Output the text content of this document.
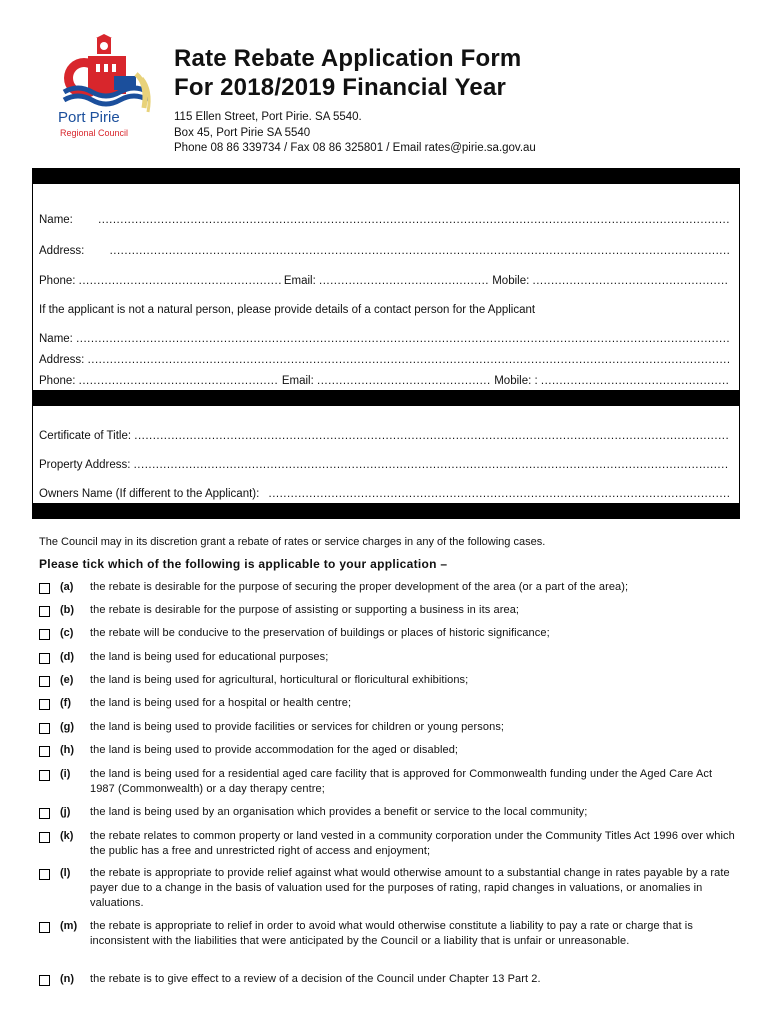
Port Pirie
Regional Council
Rate Rebate Application Form
For 2018/2019 Financial Year
115 Ellen Street, Port Pirie. SA 5540.
Box 45, Port Pirie SA 5540
Phone 08 86 339734 / Fax 08 86 325801 / Email rates@pirie.sa.gov.au
Name: .....
Address: .....
Phone: .....	Email: .....	Mobile: .....
If the applicant is not a natural person, please provide details of a contact person for the Applicant
Name: .....
Address: .....
Phone: .....	Email: .....	Mobile: : .....
Certificate of Title: .....
Property Address: .....
Owners Name (If different to the Applicant): .....
The Council may in its discretion grant a rebate of rates or service charges in any of the following cases.
Please tick which of the following is applicable to your application –
(a)	the rebate is desirable for the purpose of securing the proper development of the area (or a part of the area);
(b)	the rebate is desirable for the purpose of assisting or supporting a business in its area;
(c)	the rebate will be conducive to the preservation of buildings or places of historic significance;
(d)	the land is being used for educational purposes;
(e)	the land is being used for agricultural, horticultural or floricultural exhibitions;
(f)	the land is being used for a hospital or health centre;
(g)	the land is being used to provide facilities or services for children or young persons;
(h)	the land is being used to provide accommodation for the aged or disabled;
(i)	the land is being used for a residential aged care facility that is approved for Commonwealth funding under the Aged Care Act 1987 (Commonwealth) or a day therapy centre;
(j)	the land is being used by an organisation which provides a benefit or service to the local community;
(k)	the rebate relates to common property or land vested in a community corporation under the Community Titles Act 1996 over which the public has a free and unrestricted right of access and enjoyment;
(l)	the rebate is appropriate to provide relief against what would otherwise amount to a substantial change in rates payable by a rate payer due to a change in the basis of valuation used for the purposes of rating, rapid changes in valuations, or anomalies in valuations.
(m)	the rebate is appropriate to relief in order to avoid what would otherwise constitute a liability to pay a rate or charge that is inconsistent with the liabilities that were anticipated by the Council or a liability that is unfair or unreasonable.
(n)	the rebate is to give effect to a review of a decision of the Council under Chapter 13 Part 2.
